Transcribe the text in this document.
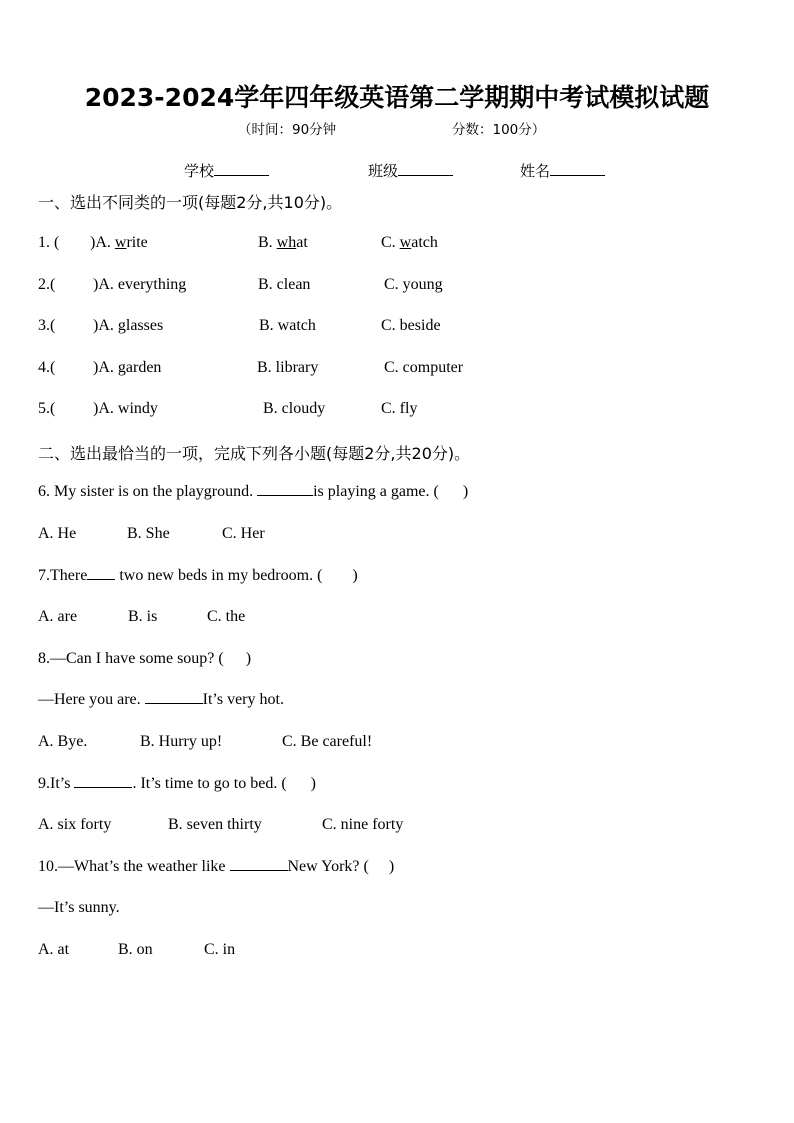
2023-2024学年四年级英语第二学期期中考试模拟试题
（时间：90分钟	分数：100分）
学校	班级	姓名
一、选出不同类的一项(每题2分,共10分)。
1. ( )A. write	B. what	C. watch
2.( )A. everything	B. clean	C. young
3.( )A. glasses	B. watch	C. beside
4.( )A. garden	B. library	C. computer
5.( )A. windy	B. cloudy	C. fly
二、选出最恰当的一项，完成下列各小题(每题2分,共20分)。
6. My sister is on the playground.	is playing a game. ( )
A. He	B. She	C. Her
7.There two new beds in my bedroom. ( )
A. are	B. is	C. the
8.—Can I have some soup? ( )
—Here you are.	It’s very hot.
A. Bye.	B. Hurry up!	C. Be careful!
9.It’s	. It’s time to go to bed. ( )
A. six forty	B. seven thirty	C. nine forty
10.—What’s the weather like	New York? ( )
—It’s sunny.
A. at	B. on	C. in
